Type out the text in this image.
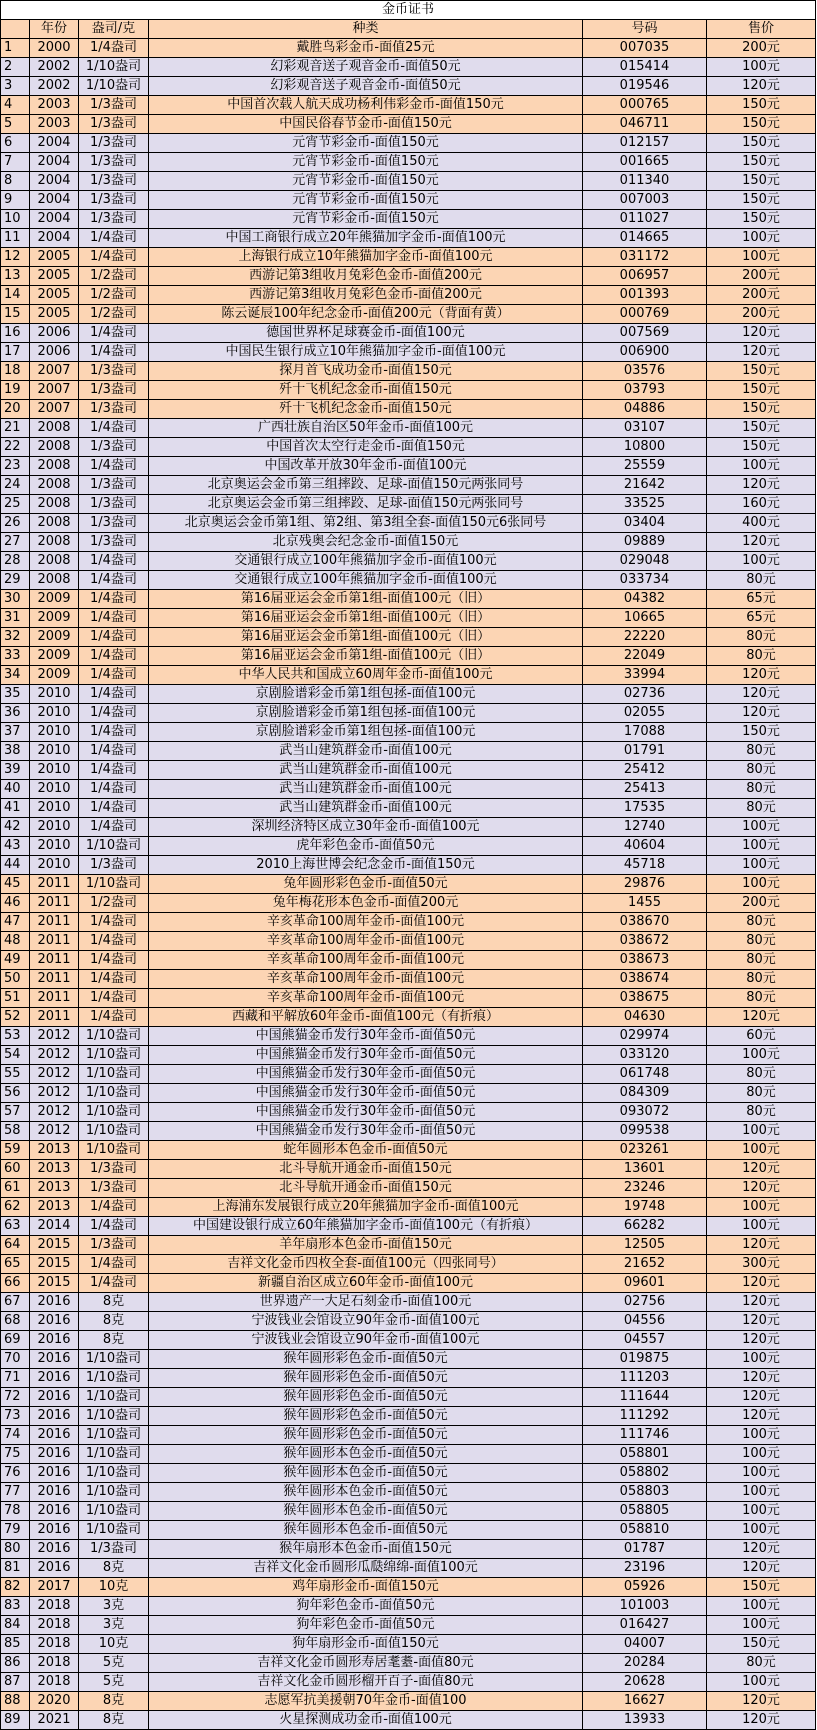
金币证书					
	年份	盎司/克	种类	号码	售价
1	2000	1/4盎司	戴胜鸟彩金币-面值25元	007035	200元
2	2002	1/10盎司	幻彩观音送子观音金币-面值50元	015414	100元
3	2002	1/10盎司	幻彩观音送子观音金币-面值50元	019546	120元
4	2003	1/3盎司	中国首次载人航天成功杨利伟彩金币-面值150元	000765	150元
5	2003	1/3盎司	中国民俗春节金币-面值150元	046711	150元
6	2004	1/3盎司	元宵节彩金币-面值150元	012157	150元
7	2004	1/3盎司	元宵节彩金币-面值150元	001665	150元
8	2004	1/3盎司	元宵节彩金币-面值150元	011340	150元
9	2004	1/3盎司	元宵节彩金币-面值150元	007003	150元
10	2004	1/3盎司	元宵节彩金币-面值150元	011027	150元
11	2004	1/4盎司	中国工商银行成立20年熊猫加字金币-面值100元	014665	100元
12	2005	1/4盎司	上海银行成立10年熊猫加字金币-面值100元	031172	100元
13	2005	1/2盎司	西游记第3组收月兔彩色金币-面值200元	006957	200元
14	2005	1/2盎司	西游记第3组收月兔彩色金币-面值200元	001393	200元
15	2005	1/2盎司	陈云诞辰100年纪念金币-面值200元（背面有黄）	000769	200元
16	2006	1/4盎司	德国世界杯足球赛金币-面值100元	007569	120元
17	2006	1/4盎司	中国民生银行成立10年熊猫加字金币-面值100元	006900	120元
18	2007	1/3盎司	探月首飞成功金币-面值150元	03576	150元
19	2007	1/3盎司	歼十飞机纪念金币-面值150元	03793	150元
20	2007	1/3盎司	歼十飞机纪念金币-面值150元	04886	150元
21	2008	1/4盎司	广西壮族自治区50年金币-面值100元	03107	150元
22	2008	1/3盎司	中国首次太空行走金币-面值150元	10800	150元
23	2008	1/4盎司	中国改革开放30年金币-面值100元	25559	100元
24	2008	1/3盎司	北京奥运会金币第三组摔跤、足球-面值150元两张同号	21642	120元
25	2008	1/3盎司	北京奥运会金币第三组摔跤、足球-面值150元两张同号	33525	160元
26	2008	1/3盎司	北京奥运会金币第1组、第2组、第3组全套-面值150元6张同号	03404	400元
27	2008	1/3盎司	北京残奥会纪念金币-面值150元	09889	120元
28	2008	1/4盎司	交通银行成立100年熊猫加字金币-面值100元	029048	100元
29	2008	1/4盎司	交通银行成立100年熊猫加字金币-面值100元	033734	80元
30	2009	1/4盎司	第16届亚运会金币第1组-面值100元（旧）	04382	65元
31	2009	1/4盎司	第16届亚运会金币第1组-面值100元（旧）	10665	65元
32	2009	1/4盎司	第16届亚运会金币第1组-面值100元（旧）	22220	80元
33	2009	1/4盎司	第16届亚运会金币第1组-面值100元（旧）	22049	80元
34	2009	1/4盎司	中华人民共和国成立60周年金币-面值100元	33994	120元
35	2010	1/4盎司	京剧脸谱彩金币第1组包拯-面值100元	02736	120元
36	2010	1/4盎司	京剧脸谱彩金币第1组包拯-面值100元	02055	120元
37	2010	1/4盎司	京剧脸谱彩金币第1组包拯-面值100元	17088	150元
38	2010	1/4盎司	武当山建筑群金币-面值100元	01791	80元
39	2010	1/4盎司	武当山建筑群金币-面值100元	25412	80元
40	2010	1/4盎司	武当山建筑群金币-面值100元	25413	80元
41	2010	1/4盎司	武当山建筑群金币-面值100元	17535	80元
42	2010	1/4盎司	深圳经济特区成立30年金币-面值100元	12740	100元
43	2010	1/10盎司	虎年彩色金币-面值50元	40604	100元
44	2010	1/3盎司	2010上海世博会纪念金币-面值150元	45718	100元
45	2011	1/10盎司	兔年圆形彩色金币-面值50元	29876	100元
46	2011	1/2盎司	兔年梅花形本色金币-面值200元	1455	200元
47	2011	1/4盎司	辛亥革命100周年金币-面值100元	038670	80元
48	2011	1/4盎司	辛亥革命100周年金币-面值100元	038672	80元
49	2011	1/4盎司	辛亥革命100周年金币-面值100元	038673	80元
50	2011	1/4盎司	辛亥革命100周年金币-面值100元	038674	80元
51	2011	1/4盎司	辛亥革命100周年金币-面值100元	038675	80元
52	2011	1/4盎司	西藏和平解放60年金币-面值100元（有折痕）	04630	120元
53	2012	1/10盎司	中国熊猫金币发行30年金币-面值50元	029974	60元
54	2012	1/10盎司	中国熊猫金币发行30年金币-面值50元	033120	100元
55	2012	1/10盎司	中国熊猫金币发行30年金币-面值50元	061748	80元
56	2012	1/10盎司	中国熊猫金币发行30年金币-面值50元	084309	80元
57	2012	1/10盎司	中国熊猫金币发行30年金币-面值50元	093072	80元
58	2012	1/10盎司	中国熊猫金币发行30年金币-面值50元	099538	100元
59	2013	1/10盎司	蛇年圆形本色金币-面值50元	023261	100元
60	2013	1/3盎司	北斗导航开通金币-面值150元	13601	120元
61	2013	1/3盎司	北斗导航开通金币-面值150元	23246	120元
62	2013	1/4盎司	上海浦东发展银行成立20年熊猫加字金币-面值100元	19748	100元
63	2014	1/4盎司	中国建设银行成立60年熊猫加字金币-面值100元（有折痕）	66282	100元
64	2015	1/3盎司	羊年扇形本色金币-面值150元	12505	120元
65	2015	1/4盎司	吉祥文化金币四枚全套-面值100元（四张同号）	21652	300元
66	2015	1/4盎司	新疆自治区成立60年金币-面值100元	09601	120元
67	2016	8克	世界遗产一大足石刻金币-面值100元	02756	120元
68	2016	8克	宁波钱业会馆设立90年金币-面值100元	04556	120元
69	2016	8克	宁波钱业会馆设立90年金币-面值100元	04557	120元
70	2016	1/10盎司	猴年圆形彩色金币-面值50元	019875	100元
71	2016	1/10盎司	猴年圆形彩色金币-面值50元	111203	120元
72	2016	1/10盎司	猴年圆形彩色金币-面值50元	111644	120元
73	2016	1/10盎司	猴年圆形彩色金币-面值50元	111292	120元
74	2016	1/10盎司	猴年圆形彩色金币-面值50元	111746	100元
75	2016	1/10盎司	猴年圆形本色金币-面值50元	058801	100元
76	2016	1/10盎司	猴年圆形本色金币-面值50元	058802	100元
77	2016	1/10盎司	猴年圆形本色金币-面值50元	058803	100元
78	2016	1/10盎司	猴年圆形本色金币-面值50元	058805	100元
79	2016	1/10盎司	猴年圆形本色金币-面值50元	058810	100元
80	2016	1/3盎司	猴年扇形本色金币-面值150元	01787	120元
81	2016	8克	吉祥文化金币圆形瓜瓞绵绵-面值100元	23196	120元
82	2017	10克	鸡年扇形金币-面值150元	05926	150元
83	2018	3克	狗年彩色金币-面值50元	101003	100元
84	2018	3克	狗年彩色金币-面值50元	016427	100元
85	2018	10克	狗年扇形金币-面值150元	04007	150元
86	2018	5克	吉祥文化金币圆形寿居耄耋-面值80元	20284	80元
87	2018	5克	吉祥文化金币圆形榴开百子-面值80元	20628	100元
88	2020	8克	志愿军抗美援朝70年金币-面值100	16627	120元
89	2021	8克	火星探测成功金币-面值100元	13933	120元
